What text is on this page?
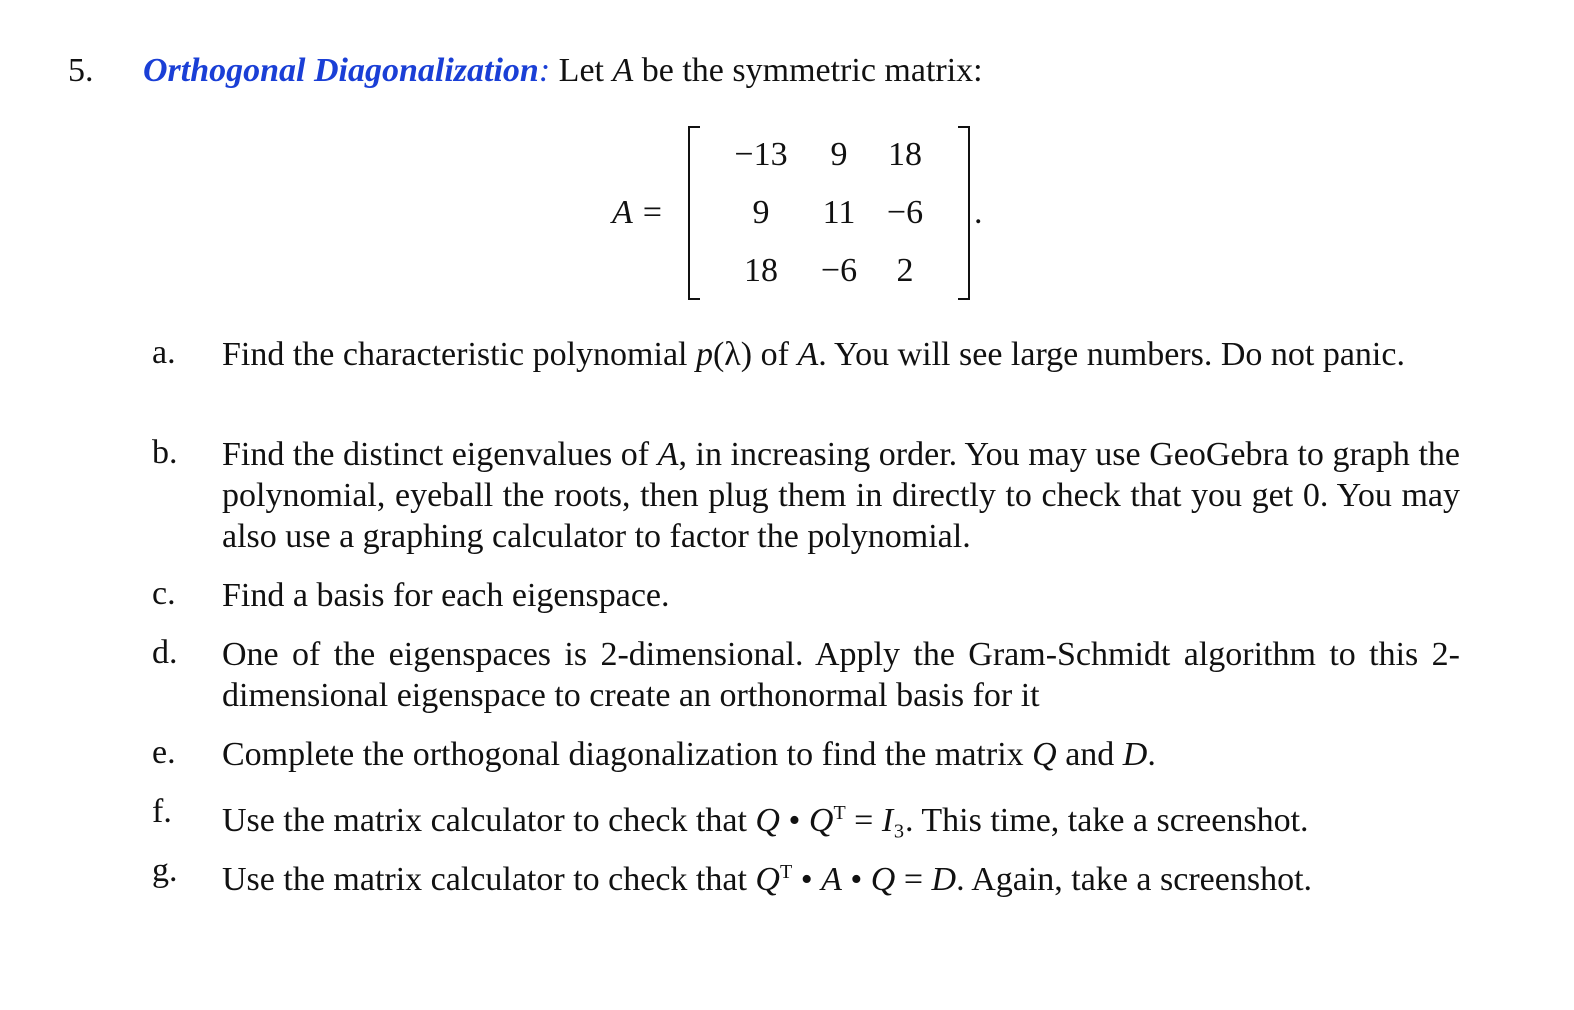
5. Orthogonal Diagonalization: Let A be the symmetric matrix:
A =
−13	9	18
9	11 −6
18	−6	2
.
a. Find the characteristic polynomial p(λ) of A. You will see large numbers. Do not panic.
b. Find the distinct eigenvalues of A, in increasing order. You may use GeoGebra to graph the polynomial, eyeball the roots, then plug them in directly to check that you get 0. You may also use a graphing calculator to factor the polynomial.
c. Find a basis for each eigenspace.
d. One of the eigenspaces is 2-dimensional. Apply the Gram-Schmidt algorithm to this 2-dimensional eigenspace to create an orthonormal basis for it
e. Complete the orthogonal diagonalization to find the matrix Q and D.
f. Use the matrix calculator to check that Q • $Q^T = I_3$. This time, take a screenshot.
g. Use the matrix calculator to check that $Q^T$ • A • Q = D. Again, take a screenshot.
